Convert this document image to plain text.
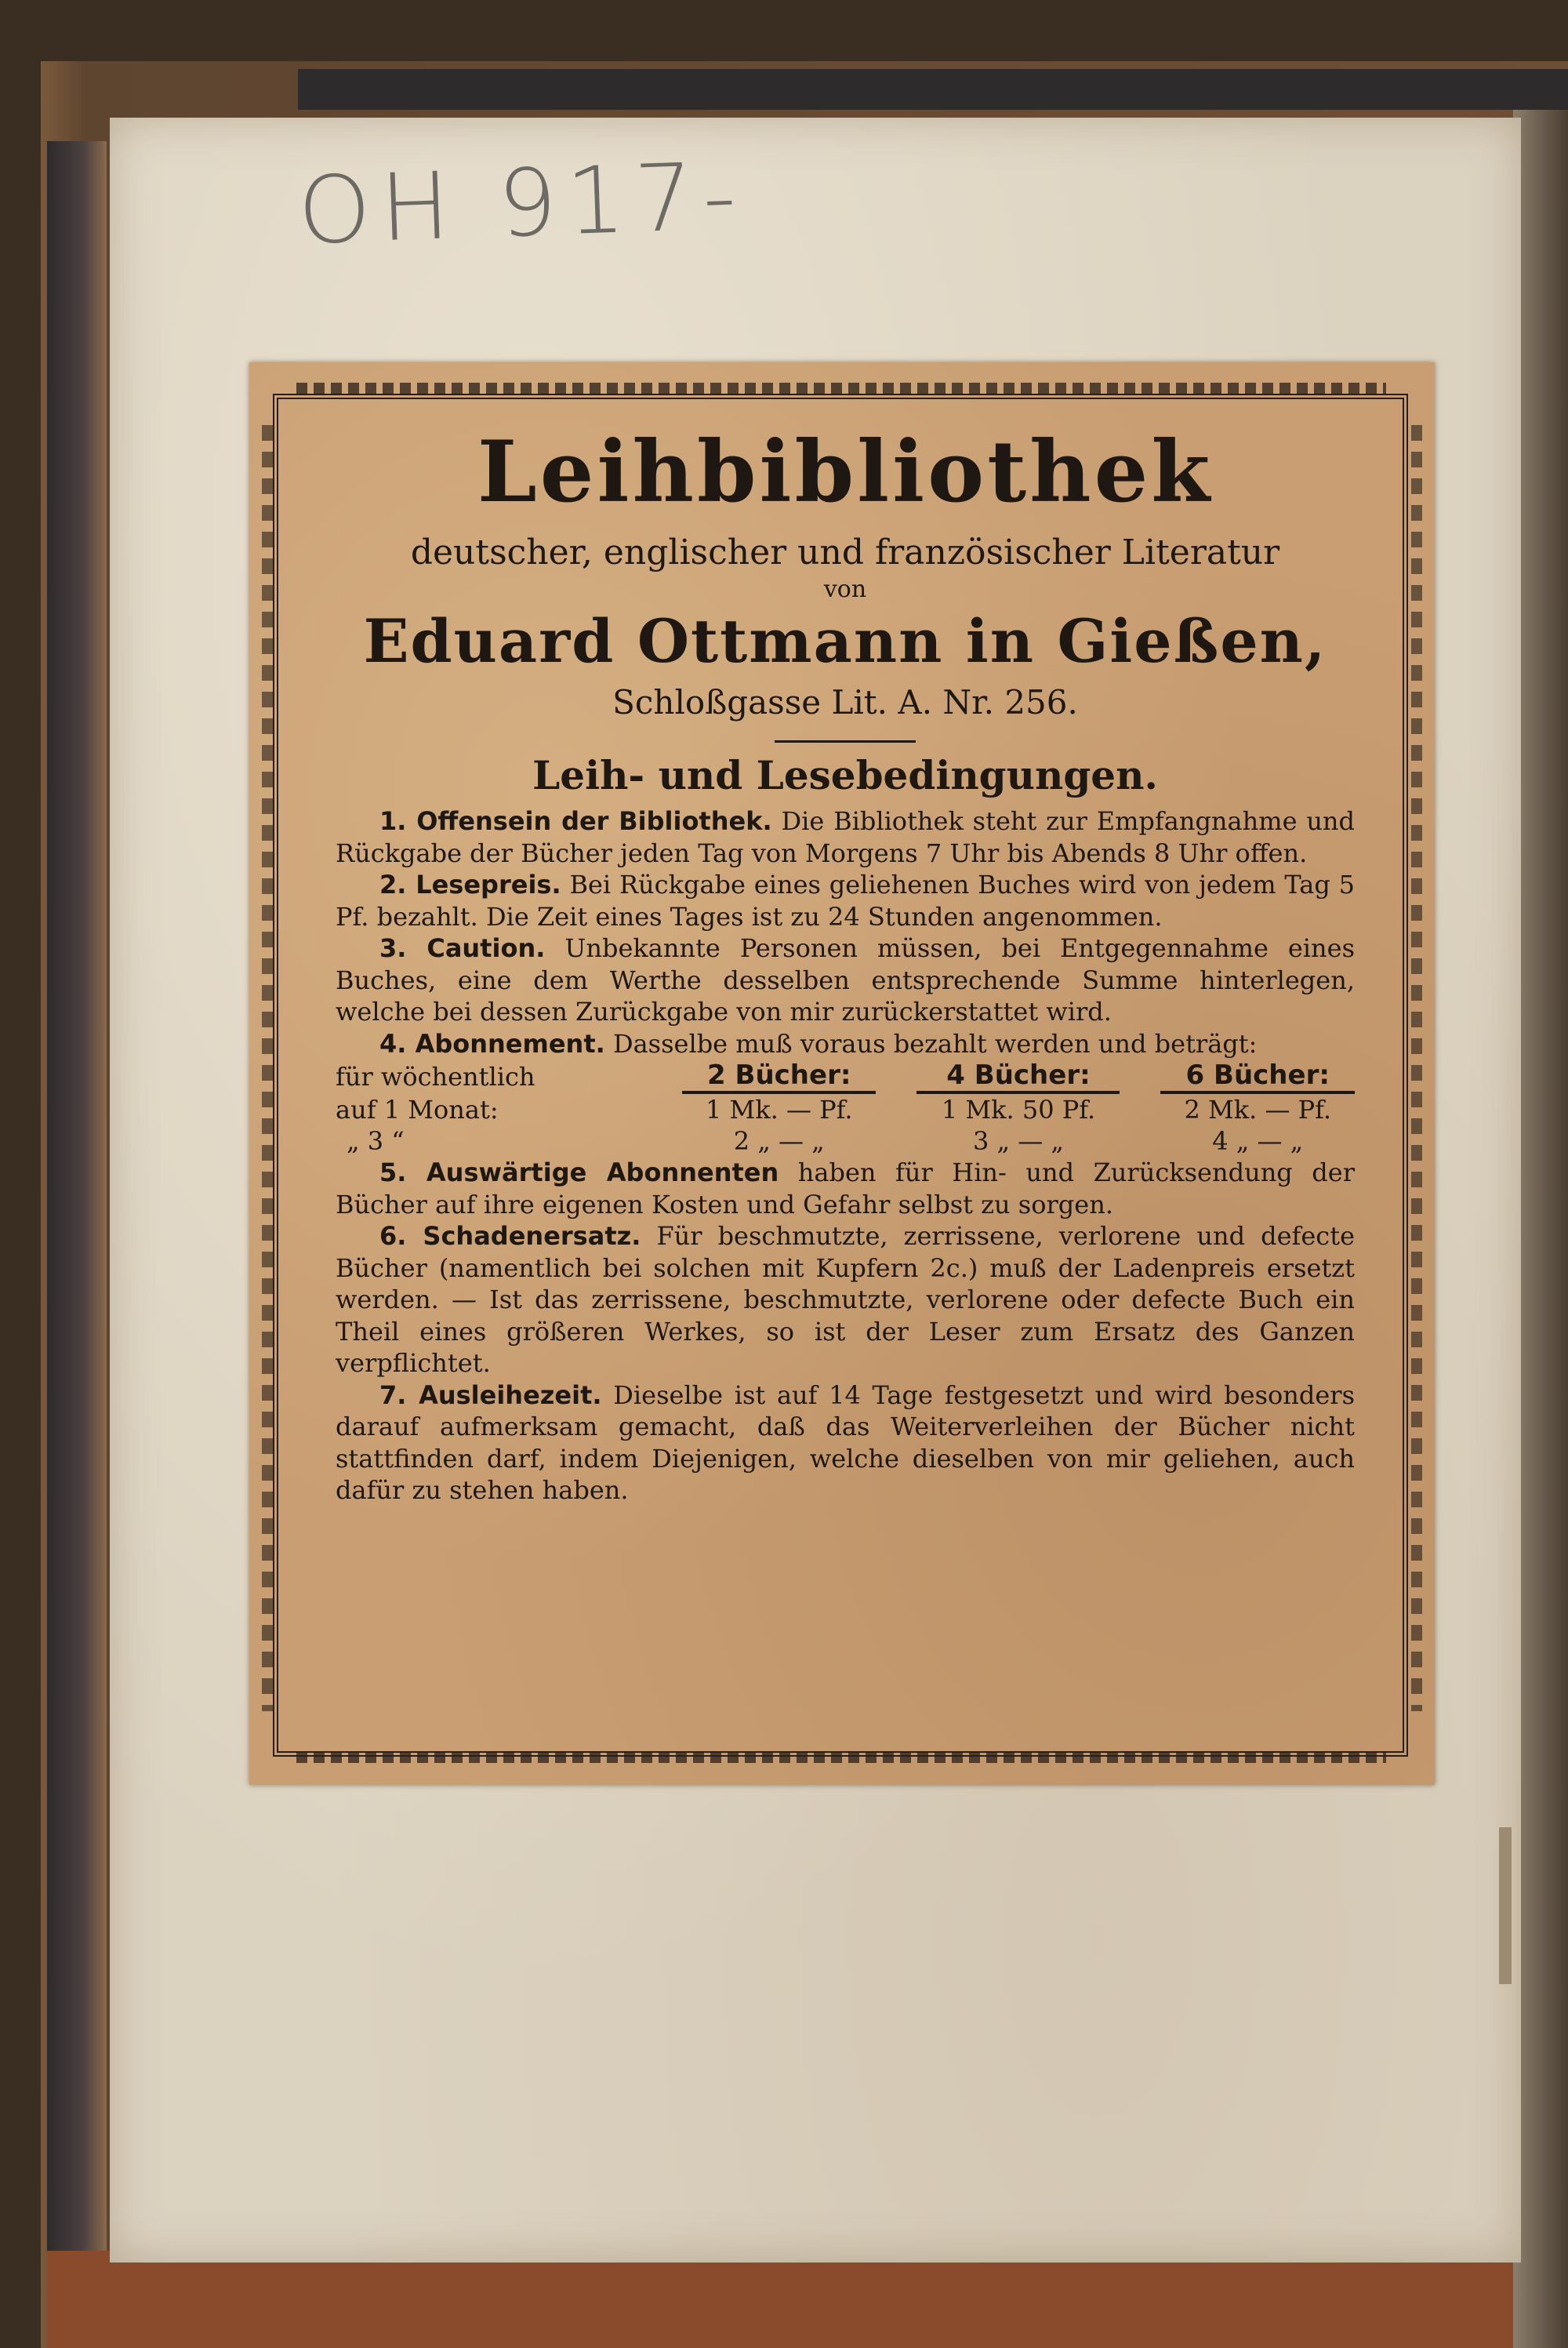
OH 917-
Leihbibliothek
deutscher, englischer und französischer Literatur
von
Eduard Ottmann in Gießen,
Schloßgasse Lit. A. Nr. 256.
Leih- und Lesebedingungen.

1. Offensein der Bibliothek. Die Bibliothek steht zur Empfangnahme und Rückgabe der Bücher jeden Tag von Morgens 7 Uhr bis Abends 8 Uhr offen.

2. Lesepreis. Bei Rückgabe eines geliehenen Buches wird von jedem Tag 5 Pf. bezahlt. Die Zeit eines Tages ist zu 24 Stunden angenommen.

3. Caution. Unbekannte Personen müssen, bei Entgegennahme eines Buches, eine dem Werthe desselben entsprechende Summe hinterlegen, welche bei dessen Zurückgabe von mir zurückerstattet wird.

4. Abonnement. Dasselbe muß voraus bezahlt werden und beträgt:

für wöchentlich	2 Bücher:		4 Bücher:		6 Bücher:
auf 1 Monat:	1 Mk. — Pf.		1 Mk. 50 Pf.		2 Mk. — Pf.
„ 3 “	2 „ — „		3 „ — „		4 „ — „

5. Auswärtige Abonnenten haben für Hin- und Zurücksendung der Bücher auf ihre eigenen Kosten und Gefahr selbst zu sorgen.

6. Schadenersatz. Für beschmutzte, zerrissene, verlorene und defecte Bücher (namentlich bei solchen mit Kupfern 2c.) muß der Ladenpreis ersetzt werden. — Ist das zerrissene, beschmutzte, verlorene oder defecte Buch ein Theil eines größeren Werkes, so ist der Leser zum Ersatz des Ganzen verpflichtet.

7. Ausleihezeit. Dieselbe ist auf 14 Tage festgesetzt und wird besonders darauf aufmerksam gemacht, daß das Weiterverleihen der Bücher nicht stattfinden darf, indem Diejenigen, welche dieselben von mir geliehen, auch dafür zu stehen haben.
